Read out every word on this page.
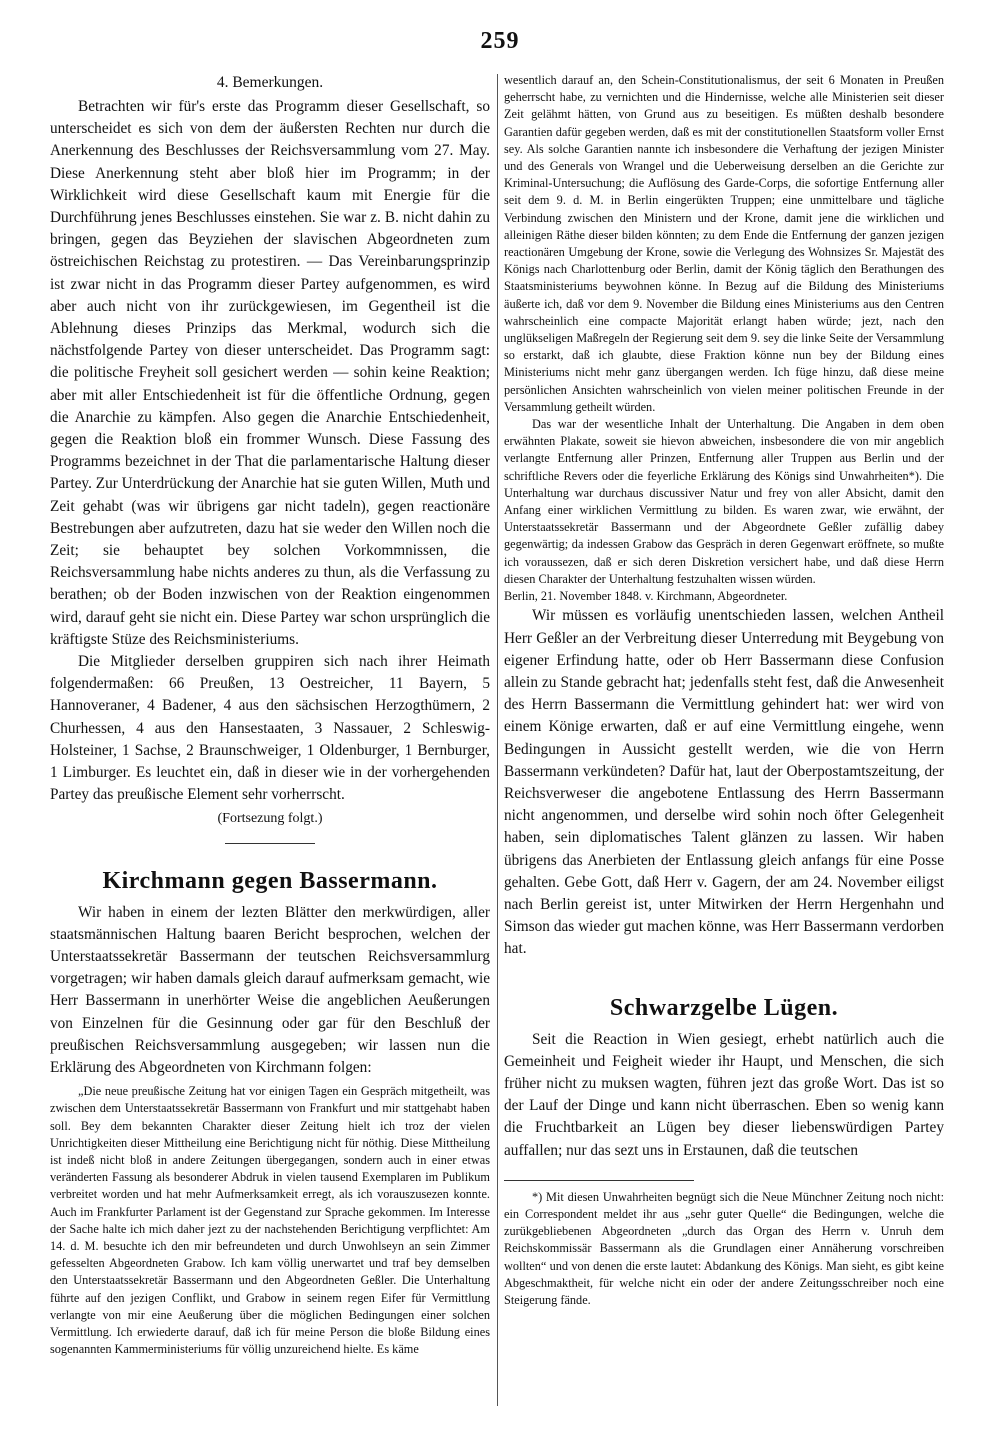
259
4. Bemerkungen.

Betrachten wir für's erste das Programm dieser Gesellschaft, so unterscheidet es sich von dem der äußersten Rechten nur durch die Anerkennung des Beschlusses der Reichsversammlung vom 27. May. Diese Anerkennung steht aber bloß hier im Programm; in der Wirklichkeit wird diese Gesellschaft kaum mit Energie für die Durchführung jenes Beschlusses einstehen. Sie war z. B. nicht dahin zu bringen, gegen das Beyziehen der slavischen Abgeordneten zum östreichischen Reichstag zu protestiren. — Das Vereinbarungsprinzip ist zwar nicht in das Programm dieser Partey aufgenommen, es wird aber auch nicht von ihr zurückgewiesen, im Gegentheil ist die Ablehnung dieses Prinzips das Merkmal, wodurch sich die nächstfolgende Partey von dieser unterscheidet. Das Programm sagt: die politische Freyheit soll gesichert werden — sohin keine Reaktion; aber mit aller Entschiedenheit ist für die öffentliche Ordnung, gegen die Anarchie zu kämpfen. Also gegen die Anarchie Entschiedenheit, gegen die Reaktion bloß ein frommer Wunsch. Diese Fassung des Programms bezeichnet in der That die parlamentarische Haltung dieser Partey. Zur Unterdrückung der Anarchie hat sie guten Willen, Muth und Zeit gehabt (was wir übrigens gar nicht tadeln), gegen reactionäre Bestrebungen aber aufzutreten, dazu hat sie weder den Willen noch die Zeit; sie behauptet bey solchen Vorkommnissen, die Reichsversammlung habe nichts anderes zu thun, als die Verfassung zu berathen; ob der Boden inzwischen von der Reaktion eingenommen wird, darauf geht sie nicht ein. Diese Partey war schon ursprünglich die kräftigste Stüze des Reichsministeriums.

Die Mitglieder derselben gruppiren sich nach ihrer Heimath folgendermaßen: 66 Preußen, 13 Oestreicher, 11 Bayern, 5 Hannoveraner, 4 Badener, 4 aus den sächsischen Herzogthümern, 2 Churhessen, 4 aus den Hansestaaten, 3 Nassauer, 2 Schleswig-Holsteiner, 1 Sachse, 2 Braunschweiger, 1 Oldenburger, 1 Bernburger, 1 Limburger. Es leuchtet ein, daß in dieser wie in der vorhergehenden Partey das preußische Element sehr vorherrscht.

(Fortsezung folgt.)
Kirchmann gegen Bassermann.

Wir haben in einem der lezten Blätter den merkwürdigen, aller staatsmännischen Haltung baaren Bericht besprochen, welchen der Unterstaatssekretär Bassermann der teutschen Reichsversammlurg vorgetragen; wir haben damals gleich darauf aufmerksam gemacht, wie Herr Bassermann in unerhörter Weise die angeblichen Aeußerungen von Einzelnen für die Gesinnung oder gar für den Beschluß der preußischen Reichsversammlung ausgegeben; wir lassen nun die Erklärung des Abgeordneten von Kirchmann folgen:

„Die neue preußische Zeitung hat vor einigen Tagen ein Gespräch mitgetheilt, was zwischen dem Unterstaatssekretär Bassermann von Frankfurt und mir stattgehabt haben soll. Bey dem bekannten Charakter dieser Zeitung hielt ich troz der vielen Unrichtigkeiten dieser Mittheilung eine Berichtigung nicht für nöthig. Diese Mittheilung ist indeß nicht bloß in andere Zeitungen übergegangen, sondern auch in einer etwas veränderten Fassung als besonderer Abdruk in vielen tausend Exemplaren im Publikum verbreitet worden und hat mehr Aufmerksamkeit erregt, als ich vorauszusezen konnte. Auch im Frankfurter Parlament ist der Gegenstand zur Sprache gekommen. Im Interesse der Sache halte ich mich daher jezt zu der nachstehenden Berichtigung verpflichtet: Am 14. d. M. besuchte ich den mir befreundeten und durch Unwohlseyn an sein Zimmer gefesselten Abgeordneten Grabow. Ich kam völlig unerwartet und traf bey demselben den Unterstaatssekretär Bassermann und den Abgeordneten Geßler. Die Unterhaltung führte auf den jezigen Conflikt, und Grabow in seinem regen Eifer für Vermittlung verlangte von mir eine Aeußerung über die möglichen Bedingungen einer solchen Vermittlung. Ich erwiederte darauf, daß ich für meine Person die bloße Bildung eines sogenannten Kammerministeriums für völlig unzureichend hielte. Es käme

wesentlich darauf an, den Schein-Constitutionalismus, der seit 6 Monaten in Preußen geherrscht habe, zu vernichten und die Hindernisse, welche alle Ministerien seit dieser Zeit gelähmt hätten, von Grund aus zu beseitigen. Es müßten deshalb besondere Garantien dafür gegeben werden, daß es mit der constitutionellen Staatsform voller Ernst sey. Als solche Garantien nannte ich insbesondere die Verhaftung der jezigen Minister und des Generals von Wrangel und die Ueberweisung derselben an die Gerichte zur Kriminal-Untersuchung; die Auflösung des Garde-Corps, die sofortige Entfernung aller seit dem 9. d. M. in Berlin eingerükten Truppen; eine unmittelbare und tägliche Verbindung zwischen den Ministern und der Krone, damit jene die wirklichen und alleinigen Räthe dieser bilden könnten; zu dem Ende die Entfernung der ganzen jezigen reactionären Umgebung der Krone, sowie die Verlegung des Wohnsizes Sr. Majestät des Königs nach Charlottenburg oder Berlin, damit der König täglich den Berathungen des Staatsministeriums beywohnen könne. In Bezug auf die Bildung des Ministeriums äußerte ich, daß vor dem 9. November die Bildung eines Ministeriums aus den Centren wahrscheinlich eine compacte Majorität erlangt haben würde; jezt, nach den unglükseligen Maßregeln der Regierung seit dem 9. sey die linke Seite der Versammlung so erstarkt, daß ich glaubte, diese Fraktion könne nun bey der Bildung eines Ministeriums nicht mehr ganz übergangen werden. Ich füge hinzu, daß diese meine persönlichen Ansichten wahrscheinlich von vielen meiner politischen Freunde in der Versammlung getheilt würden.

Das war der wesentliche Inhalt der Unterhaltung. Die Angaben in dem oben erwähnten Plakate, soweit sie hievon abweichen, insbesondere die von mir angeblich verlangte Entfernung aller Prinzen, Entfernung aller Truppen aus Berlin und der schriftliche Revers oder die feyerliche Erklärung des Königs sind Unwahrheiten*). Die Unterhaltung war durchaus discussiver Natur und frey von aller Absicht, damit den Anfang einer wirklichen Vermittlung zu bilden. Es waren zwar, wie erwähnt, der Unterstaatssekretär Bassermann und der Abgeordnete Geßler zufällig dabey gegenwärtig; da indessen Grabow das Gespräch in deren Gegenwart eröffnete, so mußte ich voraussezen, daß er sich deren Diskretion versichert habe, und daß diese Herrn diesen Charakter der Unterhaltung festzuhalten wissen würden.

Berlin, 21. November 1848. v. Kirchmann, Abgeordneter.

Wir müssen es vorläufig unentschieden lassen, welchen Antheil Herr Geßler an der Verbreitung dieser Unterredung mit Beygebung von eigener Erfindung hatte, oder ob Herr Bassermann diese Confusion allein zu Stande gebracht hat; jedenfalls steht fest, daß die Anwesenheit des Herrn Bassermann die Vermittlung gehindert hat: wer wird von einem Könige erwarten, daß er auf eine Vermittlung eingehe, wenn Bedingungen in Aussicht gestellt werden, wie die von Herrn Bassermann verkündeten? Dafür hat, laut der Oberpostamtszeitung, der Reichsverweser die angebotene Entlassung des Herrn Bassermann nicht angenommen, und derselbe wird sohin noch öfter Gelegenheit haben, sein diplomatisches Talent glänzen zu lassen. Wir haben übrigens das Anerbieten der Entlassung gleich anfangs für eine Posse gehalten. Gebe Gott, daß Herr v. Gagern, der am 24. November eiligst nach Berlin gereist ist, unter Mitwirken der Herrn Hergenhahn und Simson das wieder gut machen könne, was Herr Bassermann verdorben hat.

Schwarzgelbe Lügen.

Seit die Reaction in Wien gesiegt, erhebt natürlich auch die Gemeinheit und Feigheit wieder ihr Haupt, und Menschen, die sich früher nicht zu muksen wagten, führen jezt das große Wort. Das ist so der Lauf der Dinge und kann nicht überraschen. Eben so wenig kann die Fruchtbarkeit an Lügen bey dieser liebenswürdigen Partey auffallen; nur das sezt uns in Erstaunen, daß die teutschen

*) Mit diesen Unwahrheiten begnügt sich die Neue Münchner Zeitung noch nicht: ein Correspondent meldet ihr aus „sehr guter Quelle“ die Bedingungen, welche die zurükgebliebenen Abgeordneten „durch das Organ des Herrn v. Unruh dem Reichskommissär Bassermann als die Grundlagen einer Annäherung vorschreiben wollten“ und von denen die erste lautet: Abdankung des Königs. Man sieht, es gibt keine Abgeschmaktheit, für welche nicht ein oder der andere Zeitungsschreiber noch eine Steigerung fände.
